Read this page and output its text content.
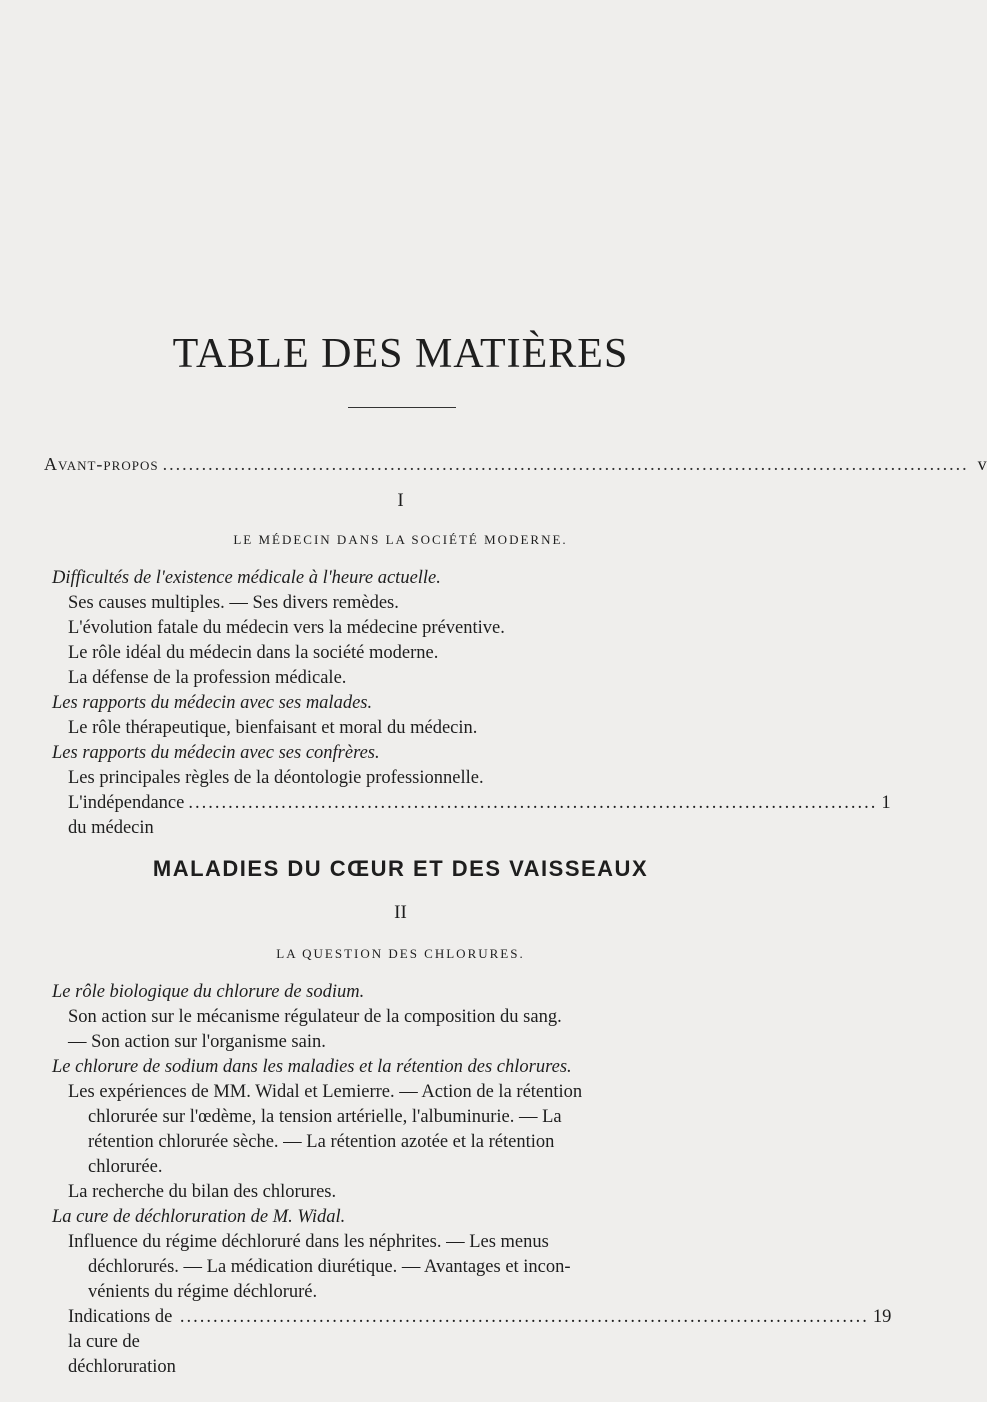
TABLE DES MATIÈRES
Avant-propos ............................................................................................................................ v
I
LE MÉDECIN DANS LA SOCIÉTÉ MODERNE.

Difficultés de l'existence médicale à l'heure actuelle.

Ses causes multiples. — Ses divers remèdes.

L'évolution fatale du médecin vers la médecine préventive.

Le rôle idéal du médecin dans la société moderne.

La défense de la profession médicale.

Les rapports du médecin avec ses malades.

Le rôle thérapeutique, bienfaisant et moral du médecin.

Les rapports du médecin avec ses confrères.

Les principales règles de la déontologie professionnelle.

L'indépendance du médecin
........................................................................................................ 1
MALADIES DU CŒUR ET DES VAISSEAUX
II
LA QUESTION DES CHLORURES.

Le rôle biologique du chlorure de sodium.

Son action sur le mécanisme régulateur de la composition du sang.

— Son action sur l'organisme sain.

Le chlorure de sodium dans les maladies et la rétention des chlorures.

Les expériences de MM. Widal et Lemierre. — Action de la rétention

chlorurée sur l'œdème, la tension artérielle, l'albuminurie. — La

rétention chlorurée sèche. — La rétention azotée et la rétention

chlorurée.

La recherche du bilan des chlorures.

La cure de déchloruration de M. Widal.

Influence du régime déchloruré dans les néphrites. — Les menus

déchlorurés. — La médication diurétique. — Avantages et incon-

vénients du régime déchloruré.

Indications de la cure de déchloruration
........................................................................................................ 19
